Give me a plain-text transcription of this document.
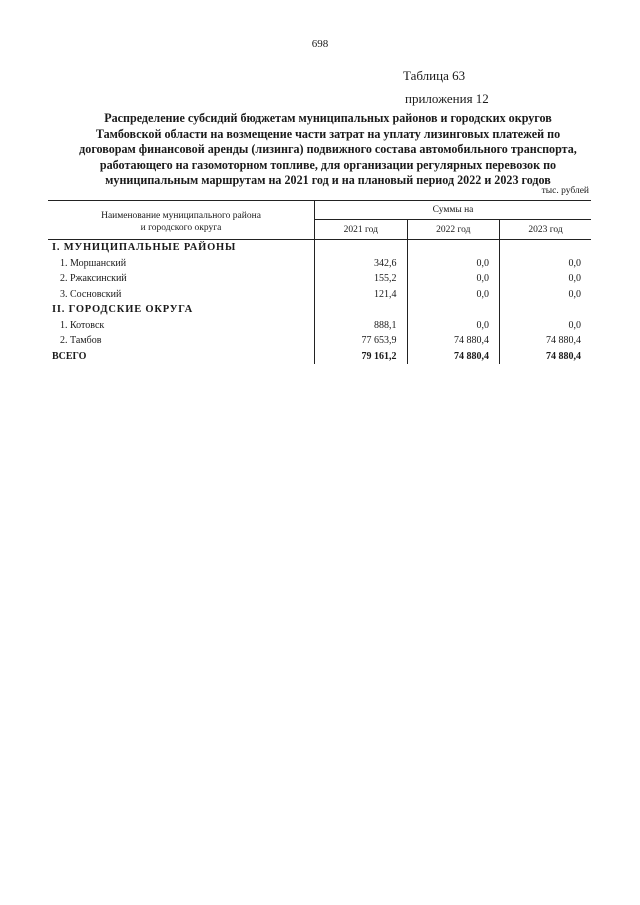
698
Таблица 63
приложения 12
Распределение субсидий бюджетам муниципальных районов и городских округов
Тамбовской области на возмещение части затрат на уплату лизинговых платежей по
договорам финансовой аренды (лизинга) подвижного состава автомобильного транспорта,
работающего на газомоторном топливе, для организации регулярных перевозок по
муниципальным маршрутам на 2021 год и на плановый период 2022 и 2023 годов
тыс. рублей
Наименование муниципального района
и городского округа	Суммы на		
	2021 год	2022 год	2023 год
I. МУНИЦИПАЛЬНЫЕ РАЙОНЫ			
1. Моршанский	342,6	0,0	0,0
2. Ржаксинский	155,2	0,0	0,0
3. Сосновский	121,4	0,0	0,0
II. ГОРОДСКИЕ ОКРУГА			
1. Котовск	888,1	0,0	0,0
2. Тамбов	77 653,9	74 880,4	74 880,4
ВСЕГО	79 161,2	74 880,4	74 880,4
